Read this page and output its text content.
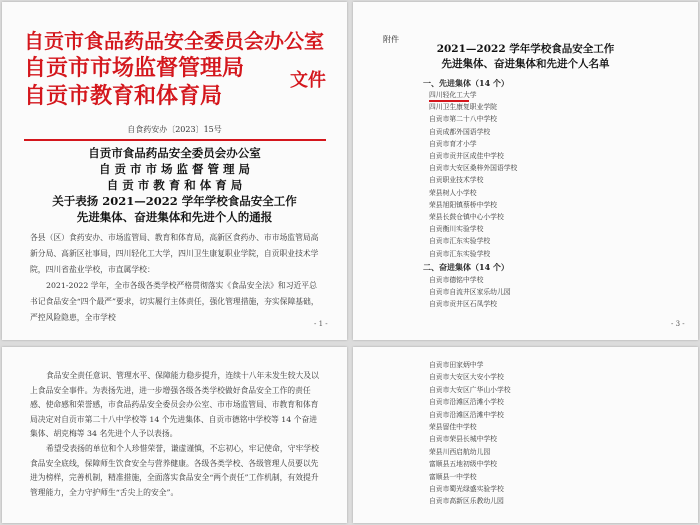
自贡市食品药品安全委员会办公室
自贡市市场监督管理局
自贡市教育和体育局
文件
自食药安办〔2023〕15号
自贡市食品药品安全委员会办公室
自 贡 市 市 场 监 督 管 理 局
自 贡 市 教 育 和 体 育 局
关于表扬 2021—2022 学年学校食品安全工作
先进集体、奋进集体和先进个人的通报

各县（区）食药安办、市场监管局、教育和体育局，高新区食药办、市市场监管局高新分局、高新区社事局，四川轻化工大学，四川卫生康复职业学院，自贡职业技术学院，四川省盐业学校，市直属学校：

2021-2022 学年，全市各级各类学校严格贯彻落实《食品安全法》和习近平总书记食品安全“四个最严”要求，切实履行主体责任，强化管理措施，夯实保障基础，严控风险隐患，全市学校

- 1 -
附件
2021—2022 学年学校食品安全工作
先进集体、奋进集体和先进个人名单
一、先进集体（14 个）
四川轻化工大学
四川卫生康复职业学院
自贡市第二十八中学校
自贡成都外国语学校
自贡市育才小学
自贡市贡井区成佳中学校
自贡市大安区桑梓外国语学校
自贡职业技术学校
荣县树人小学校
荣县旭阳镇蔡桥中学校
荣县长鼓仓镇中心小学校
自贡衡川实验学校
自贡市汇东实验学校
自贡市汇东实验学校
二、奋进集体（14 个）
自贡市德铭中学校
自贡市自流井区家乐幼儿园
自贡市贡井区石凤学校
- 3 -

食品安全责任意识、管理水平、保障能力稳步提升，连续十八年未发生较大及以上食品安全事件。为表扬先进，进一步增强各级各类学校做好食品安全工作的责任感、使命感和荣誉感，市食品药品安全委员会办公室、市市场监管局、市教育和体育局决定对自贡市第二十八中学校等 14 个先进集体、自贡市德铭中学校等 14 个奋进集体、胡克梅等 34 名先进个人予以表扬。

希望受表扬的单位和个人珍惜荣誉，谦虚谨慎，不忘初心，牢记使命，守牢学校食品安全底线，保障师生饮食安全与营养健康。各级各类学校、各级管理人员要以先进为榜样，完善机制，精准措施，全面落实食品安全“两个责任”工作机制，有效提升管理能力，全力守护师生“舌尖上的安全”。

自贡市田家炳中学
自贡市大安区大安小学校
自贡市大安区广华山小学校
自贡市沿滩区沿滩小学校
自贡市沿滩区沿滩中学校
荣县留佳中学校
自贡市荣县长城中学校
荣县川西启航幼儿园
富顺县五地初级中学校
富顺县一中学校
自贡市蜀光绿盛实验学校
自贡市高新区乐教幼儿园
